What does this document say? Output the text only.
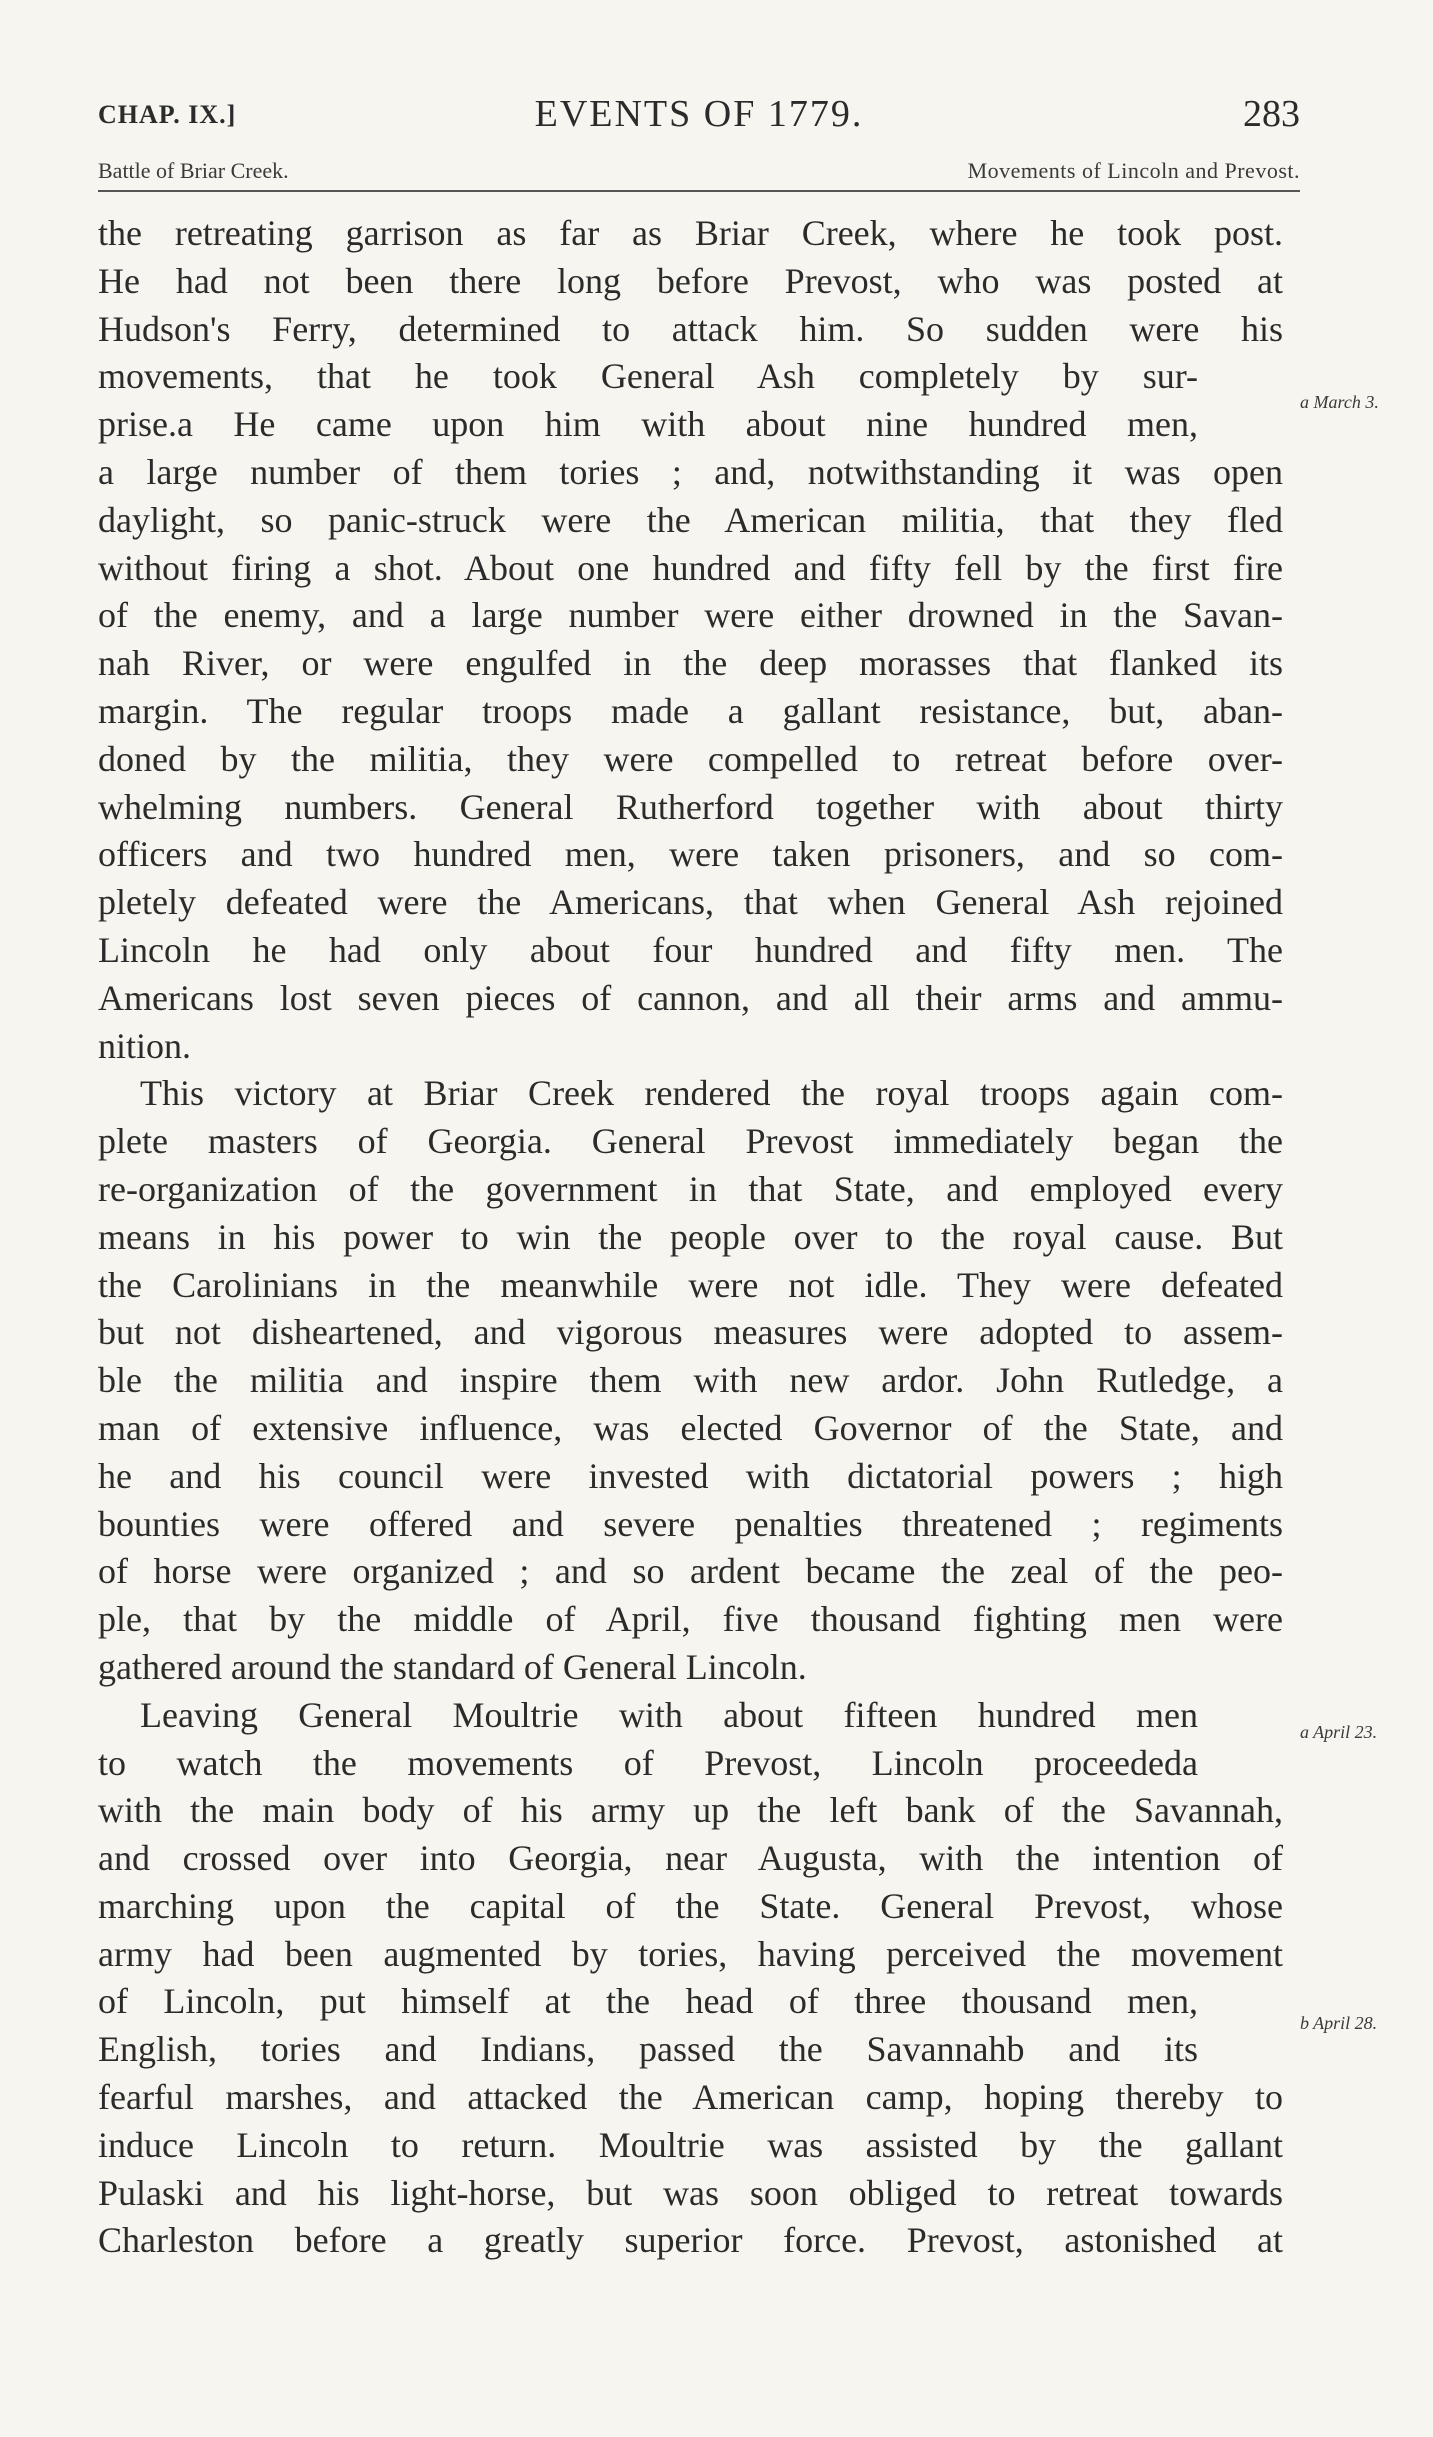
CHAP. IX.]	EVENTS OF 1779.	283
Battle of Briar Creek.	Movements of Lincoln and Prevost.
the retreating garrison as far as Briar Creek, where he took post.
He had not been there long before Prevost, who was posted at
Hudson's Ferry, determined to attack him. So sudden were his
movements, that he took General Ash completely by sur-
prise.a He came upon him with about nine hundred men,
a large number of them tories ; and, notwithstanding it was open
daylight, so panic-struck were the American militia, that they fled
without firing a shot. About one hundred and fifty fell by the first fire
of the enemy, and a large number were either drowned in the Savan-
nah River, or were engulfed in the deep morasses that flanked its
margin. The regular troops made a gallant resistance, but, aban-
doned by the militia, they were compelled to retreat before over-
whelming numbers. General Rutherford together with about thirty
officers and two hundred men, were taken prisoners, and so com-
pletely defeated were the Americans, that when General Ash rejoined
Lincoln he had only about four hundred and fifty men. The
Americans lost seven pieces of cannon, and all their arms and ammu-
nition.
This victory at Briar Creek rendered the royal troops again com-
plete masters of Georgia. General Prevost immediately began the
re-organization of the government in that State, and employed every
means in his power to win the people over to the royal cause. But
the Carolinians in the meanwhile were not idle. They were defeated
but not disheartened, and vigorous measures were adopted to assem-
ble the militia and inspire them with new ardor. John Rutledge, a
man of extensive influence, was elected Governor of the State, and
he and his council were invested with dictatorial powers ; high
bounties were offered and severe penalties threatened ; regiments
of horse were organized ; and so ardent became the zeal of the peo-
ple, that by the middle of April, five thousand fighting men were
gathered around the standard of General Lincoln.
Leaving General Moultrie with about fifteen hundred men
to watch the movements of Prevost, Lincoln proceededa
with the main body of his army up the left bank of the Savannah,
and crossed over into Georgia, near Augusta, with the intention of
marching upon the capital of the State. General Prevost, whose
army had been augmented by tories, having perceived the movement
of Lincoln, put himself at the head of three thousand men,
English, tories and Indians, passed the Savannahb and its
fearful marshes, and attacked the American camp, hoping thereby to
induce Lincoln to return. Moultrie was assisted by the gallant
Pulaski and his light-horse, but was soon obliged to retreat towards
Charleston before a greatly superior force. Prevost, astonished at
a March 3.
a April 23.
b April 28.
